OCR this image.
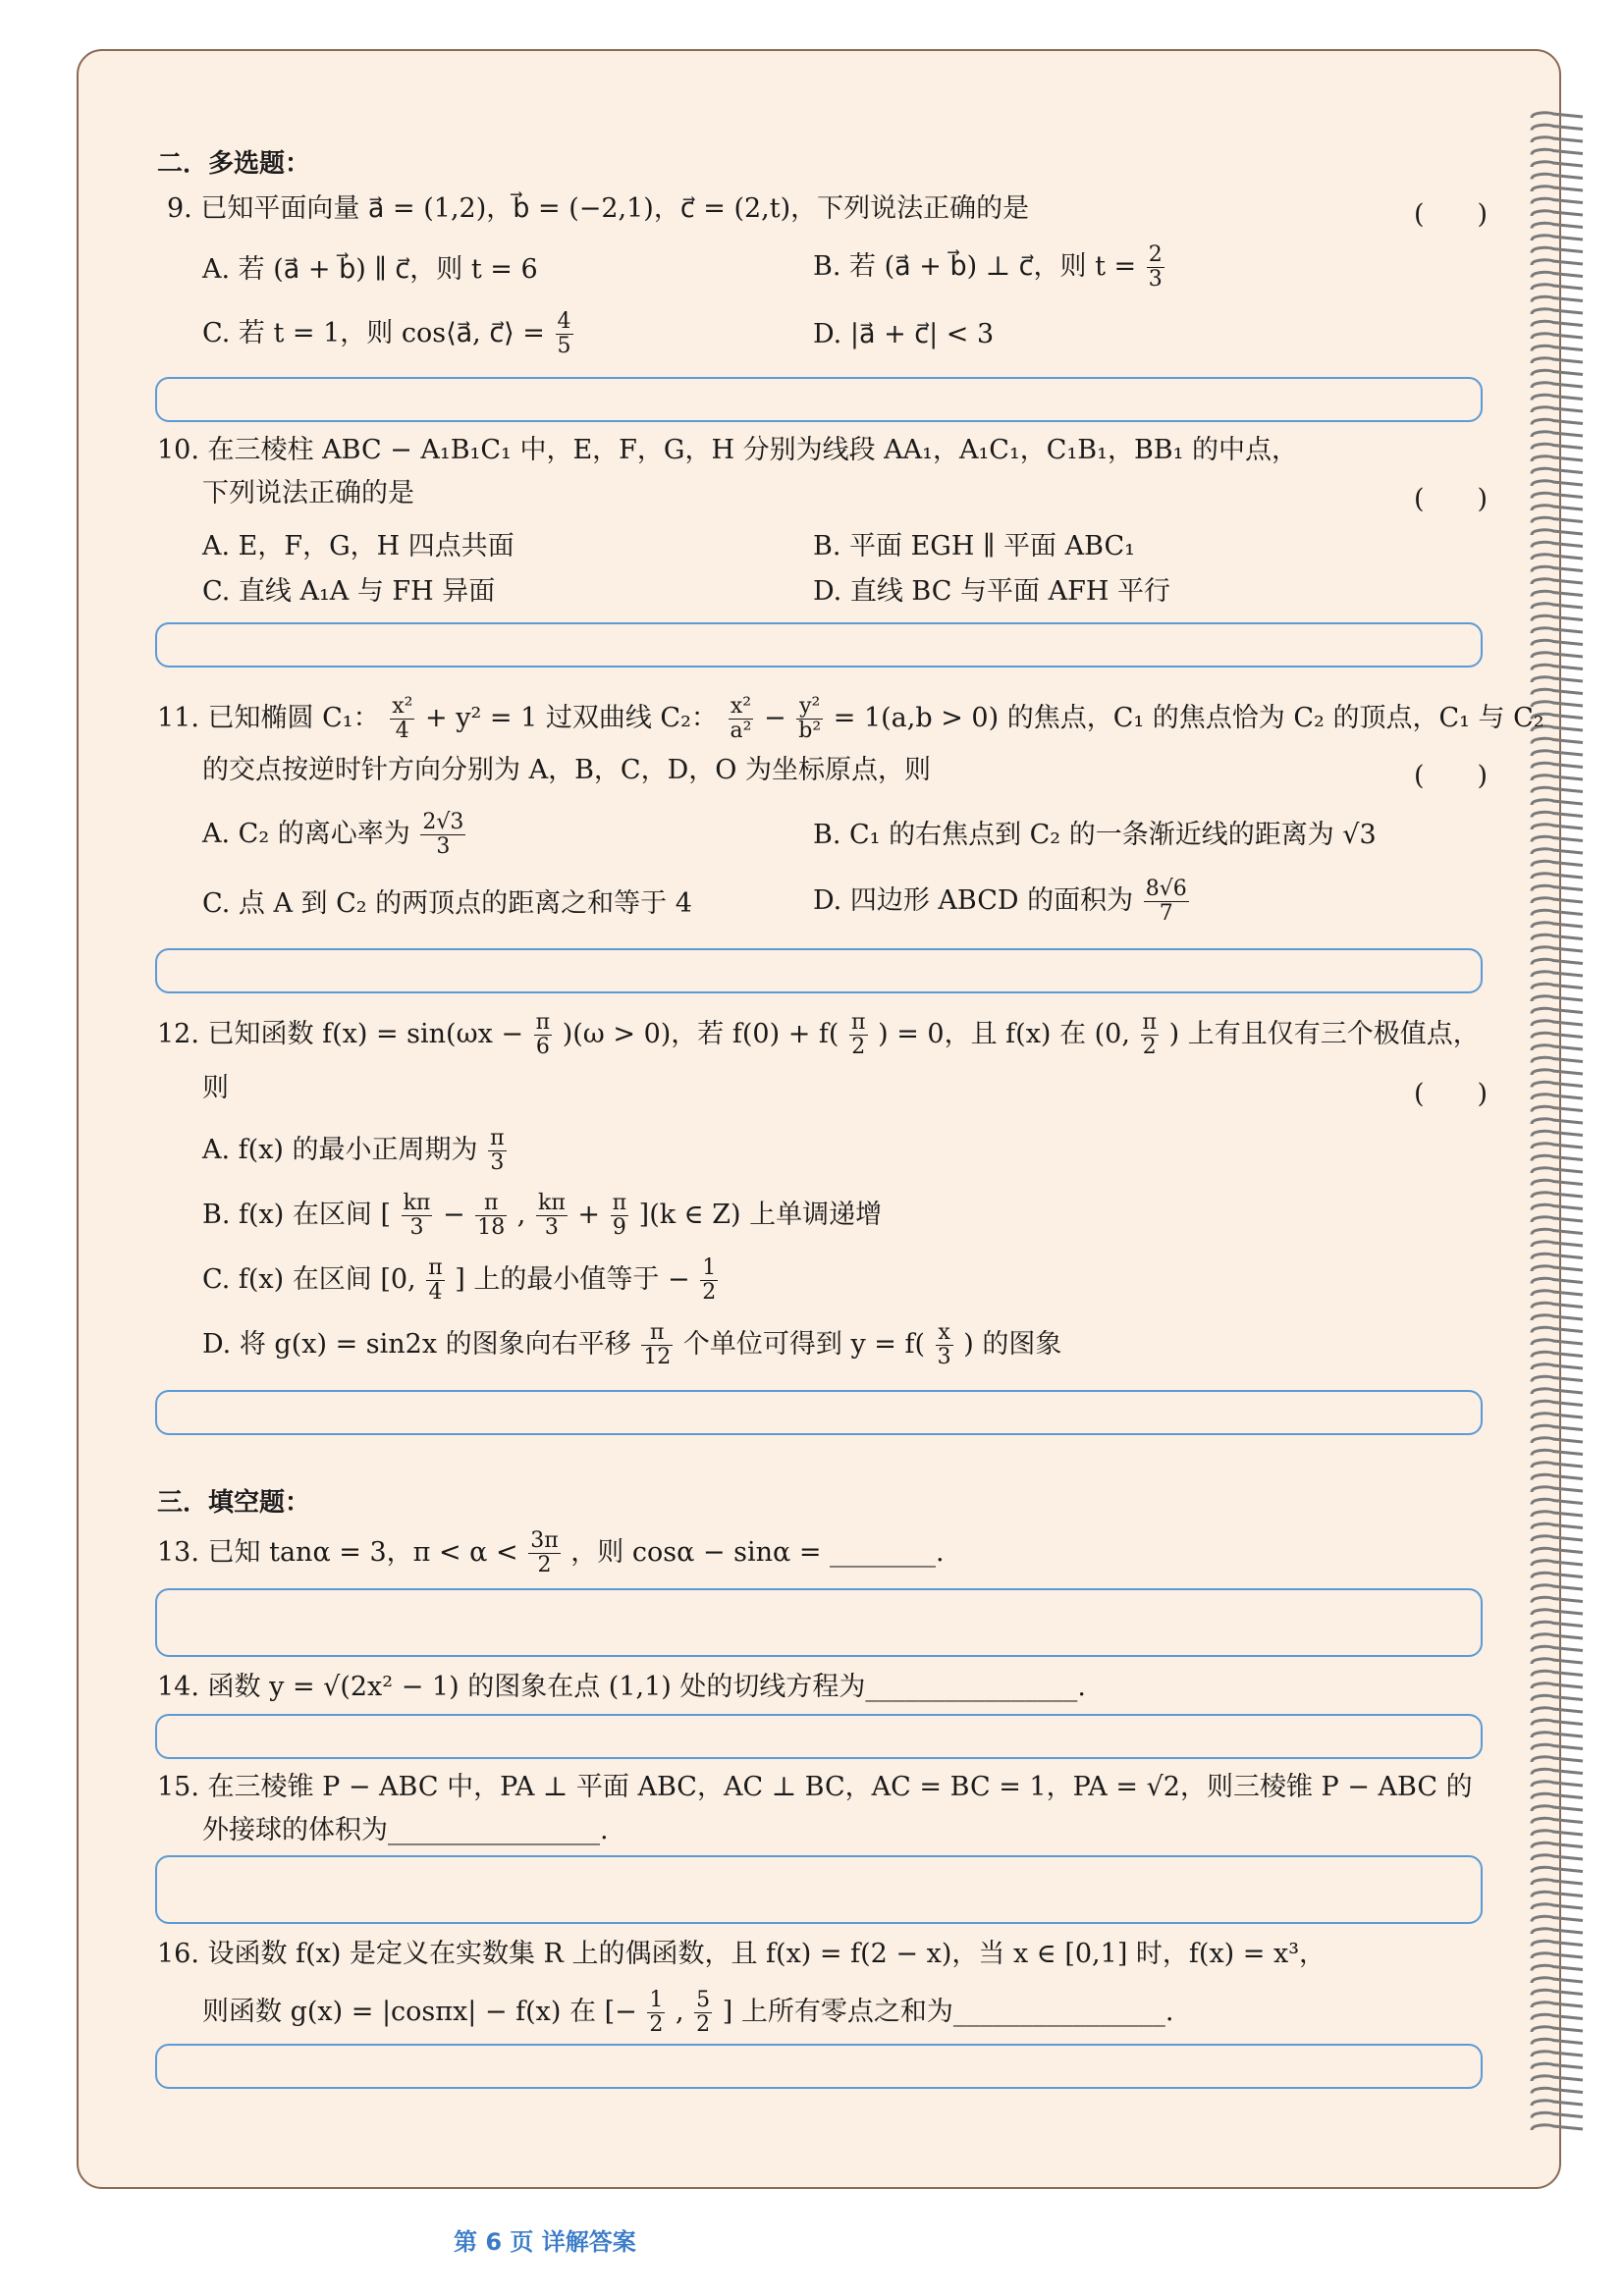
二．多选题：
9. 已知平面向量 a⃗ = (1,2)，b⃗ = (−2,1)，c⃗ = (2,t)，下列说法正确的是	(　　)
A. 若 (a⃗ + b⃗) ∥ c⃗，则 t = 6	B. 若 (a⃗ + b⃗) ⊥ c⃗，则 $t = \frac{2}{3}$
C. 若 t = 1，则 cos⟨a⃗, c⃗⟩ = $\frac{4}{5}$	D. |a⃗ + c⃗| < 3
10. 在三棱柱 ABC − A₁B₁C₁ 中，E，F，G，H 分别为线段 AA₁，A₁C₁，C₁B₁，BB₁ 的中点，
下列说法正确的是	(　　)
A. E，F，G，H 四点共面	B. 平面 EGH ∥ 平面 ABC₁
C. 直线 A₁A 与 FH 异面	D. 直线 BC 与平面 AFH 平行
11. 已知椭圆 C₁： $\frac{\text{x²}}{4} + y^2 = 1$ 过双曲线 C₂： $\frac{\text{x²}}{\text{a²}} - \frac{\text{y²}}{\text{b²}} = 1(a,b > 0)$ 的焦点，C₁ 的焦点恰为 C₂ 的顶点，C₁ 与 C₂
的交点按逆时针方向分别为 A，B，C，D，O 为坐标原点，则	(　　)
A. C₂ 的离心率为 $\frac{2√3}{3}$	B. C₁ 的右焦点到 C₂ 的一条渐近线的距离为 √3
C. 点 A 到 C₂ 的两顶点的距离之和等于 4	D. 四边形 ABCD 的面积为 $\frac{8√6}{7}$
12. 已知函数 $f(x) = \sin(\omega x - \frac{\pi}{6} )(\omega > 0)$，若 $f(0) + f( \frac{\pi}{2}$ ) = 0，且 f(x) 在 (0, $\frac{\pi}{2}$ ) 上有且仅有三个极值点，
则	(　　)
A. f(x) 的最小正周期为 $\frac{\pi}{3}$
B. f(x) 在区间 [ $\frac{k\pi}{3} - \frac{\pi}{18}$ , $\frac{k\pi}{3} + \frac{\pi}{9} ](k$ ∈ Z) 上单调递增
C. f(x) 在区间 [0, $\frac{\pi}{4}$ ] 上的最小值等于 − $\frac{1}{2}$
D. 将 g(x) = sin2x 的图象向右平移 $\frac{\pi}{12}$ 个单位可得到 $y = f( \frac{x}{3}$ ) 的图象
三．填空题：
13. 已知 tanα = 3，$\pi < \alpha < \frac{3\pi}{2}$ ，则 cosα − sinα = ________.
14. 函数 y = √(2x² − 1) 的图象在点 (1,1) 处的切线方程为________________.
15. 在三棱锥 P − ABC 中，PA ⊥ 平面 ABC，AC ⊥ BC，AC = BC = 1，PA = √2，则三棱锥 P − ABC 的
外接球的体积为________________.
16. 设函数 f(x) 是定义在实数集 R 上的偶函数，且 f(x) = f(2 − x)，当 x ∈ [0,1] 时，f(x) = x³，
则函数 g(x) = |cosπx| − f(x) 在 [− $\frac{1}{2}$ , $\frac{5}{2}$ ] 上所有零点之和为________________.
第 6 页 详解答案
